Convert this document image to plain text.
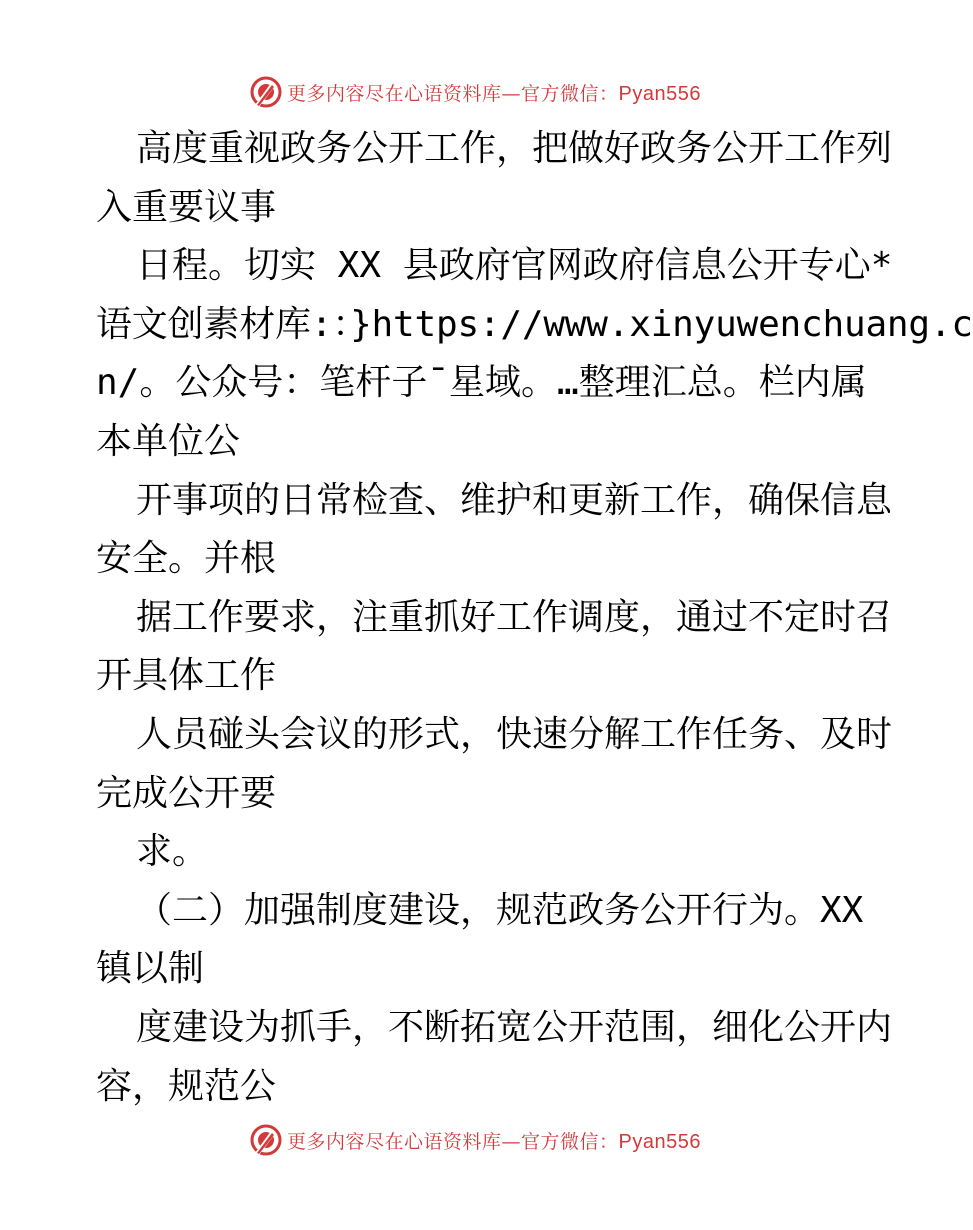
更多内容尽在心语资料库—官方微信：Pyan556
高度重视政务公开工作，把做好政务公开工作列
入重要议事
日程。切实 XX 县政府官网政府信息公开专心*
语文创素材库:：}https://www.xinyuwenchuang.c
n/。公众号：笔杆子¯星域。…整理汇总。栏内属
本单位公
开事项的日常检查、维护和更新工作，确保信息
安全。并根
据工作要求，注重抓好工作调度，通过不定时召
开具体工作
人员碰头会议的形式，快速分解工作任务、及时
完成公开要
求。
（二）加强制度建设，规范政务公开行为。XX
镇以制
度建设为抓手，不断拓宽公开范围，细化公开内
容，规范公
更多内容尽在心语资料库—官方微信：Pyan556
